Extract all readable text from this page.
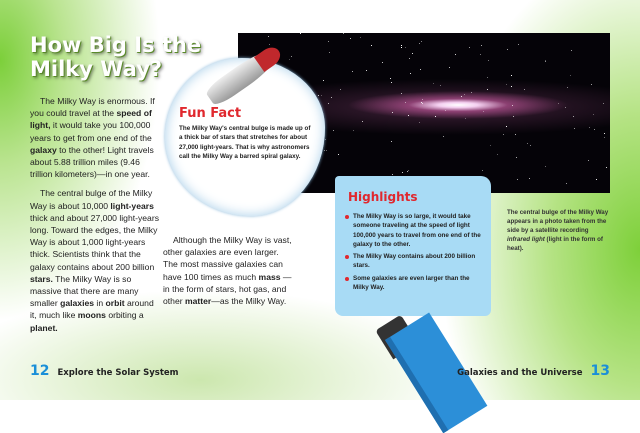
The Milky Way is enormous. If you could travel at the speed of light, it would take you 100,000 years to get from one end of the galaxy to the other! Light travels about 5.88 trillion miles (9.46 trillion kilometers)—in one year.

The central bulge of the Milky Way is about 10,000 light-years thick and about 27,000 light-years long. Toward the edges, the Milky Way is about 1,000 light-years thick. Scientists think that the galaxy contains about 200 billion stars. The Milky Way is so massive that there are many smaller galaxies in orbit around it, much like moons orbiting a planet.

Although the Milky Way is vast, other galaxies are even larger. The most massive galaxies can have 100 times as much mass —in the form of stars, hot gas, and other matter—as the Milky Way.

Fun Fact
The Milky Way's central bulge is made up of a thick bar of stars that stretches for about 27,000 light-years. That is why astronomers call the Milky Way a barred spiral galaxy.
The Milky Way is so large, it would take someone traveling at the speed of light 100,000 years to travel from one end of the galaxy to the other.
The Milky Way contains about 200 billion stars.
Some galaxies are even larger than the Milky Way.
Highlights
The central bulge of the Milky Way appears in a photo taken from the side by a satellite recording infrared light (light in the form of heat).
How Big Is the Milky Way?
12 Explore the Solar System	Galaxies and the Universe 13
